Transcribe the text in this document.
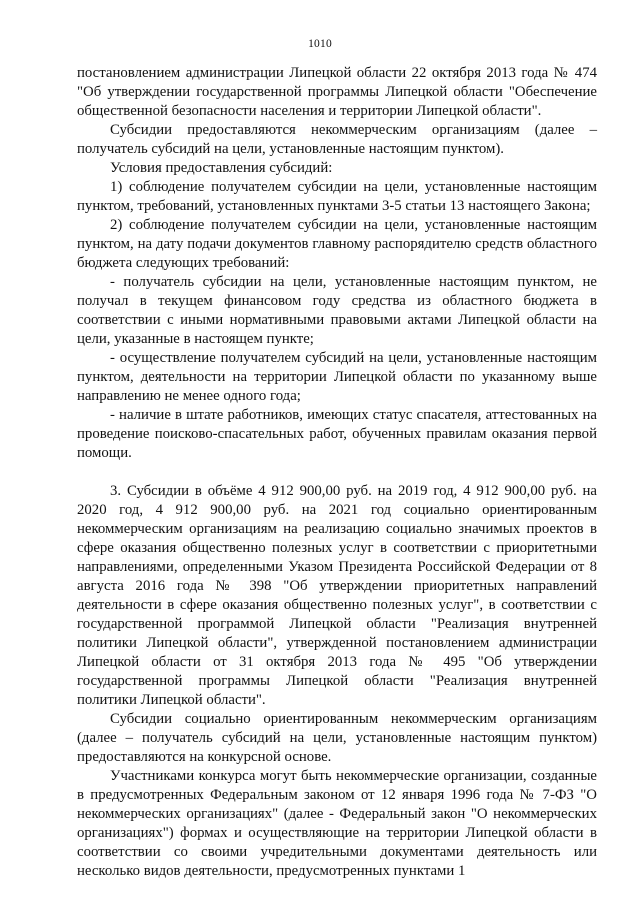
1010

постановлением администрации Липецкой области 22 октября 2013 года № 474 "Об утверждении государственной программы Липецкой области "Обеспечение общественной безопасности населения и территории Липецкой области".

Субсидии предоставляются некоммерческим организациям (далее – получатель субсидий на цели, установленные настоящим пунктом).

Условия предоставления субсидий:

1) соблюдение получателем субсидии на цели, установленные настоящим пунктом, требований, установленных пунктами 3-5 статьи 13 настоящего Закона;

2) соблюдение получателем субсидии на цели, установленные настоящим пунктом, на дату подачи документов главному распорядителю средств областного бюджета следующих требований:

- получатель субсидии на цели, установленные настоящим пунктом, не получал в текущем финансовом году средства из областного бюджета в соответствии с иными нормативными правовыми актами Липецкой области на цели, указанные в настоящем пункте;

- осуществление получателем субсидий на цели, установленные настоящим пунктом, деятельности на территории Липецкой области по указанному выше направлению не менее одного года;

- наличие в штате работников, имеющих статус спасателя, аттестованных на проведение поисково-спасательных работ, обученных правилам оказания первой помощи.

3. Субсидии в объёме 4 912 900,00 руб. на 2019 год, 4 912 900,00 руб. на 2020 год, 4 912 900,00 руб. на 2021 год социально ориентированным некоммерческим организациям на реализацию социально значимых проектов в сфере оказания общественно полезных услуг в соответствии с приоритетными направлениями, определенными Указом Президента Российской Федерации от 8 августа 2016 года № 398 "Об утверждении приоритетных направлений деятельности в сфере оказания общественно полезных услуг", в соответствии с государственной программой Липецкой области "Реализация внутренней политики Липецкой области", утвержденной постановлением администрации Липецкой области от 31 октября 2013 года № 495 "Об утверждении государственной программы Липецкой области "Реализация внутренней политики Липецкой области".

Субсидии социально ориентированным некоммерческим организациям (далее – получатель субсидий на цели, установленные настоящим пунктом) предоставляются на конкурсной основе.

Участниками конкурса могут быть некоммерческие организации, созданные в предусмотренных Федеральным законом от 12 января 1996 года № 7-ФЗ "О некоммерческих организациях" (далее - Федеральный закон "О некоммерческих организациях") формах и осуществляющие на территории Липецкой области в соответствии со своими учредительными документами деятельность или несколько видов деятельности, предусмотренных пунктами 1
